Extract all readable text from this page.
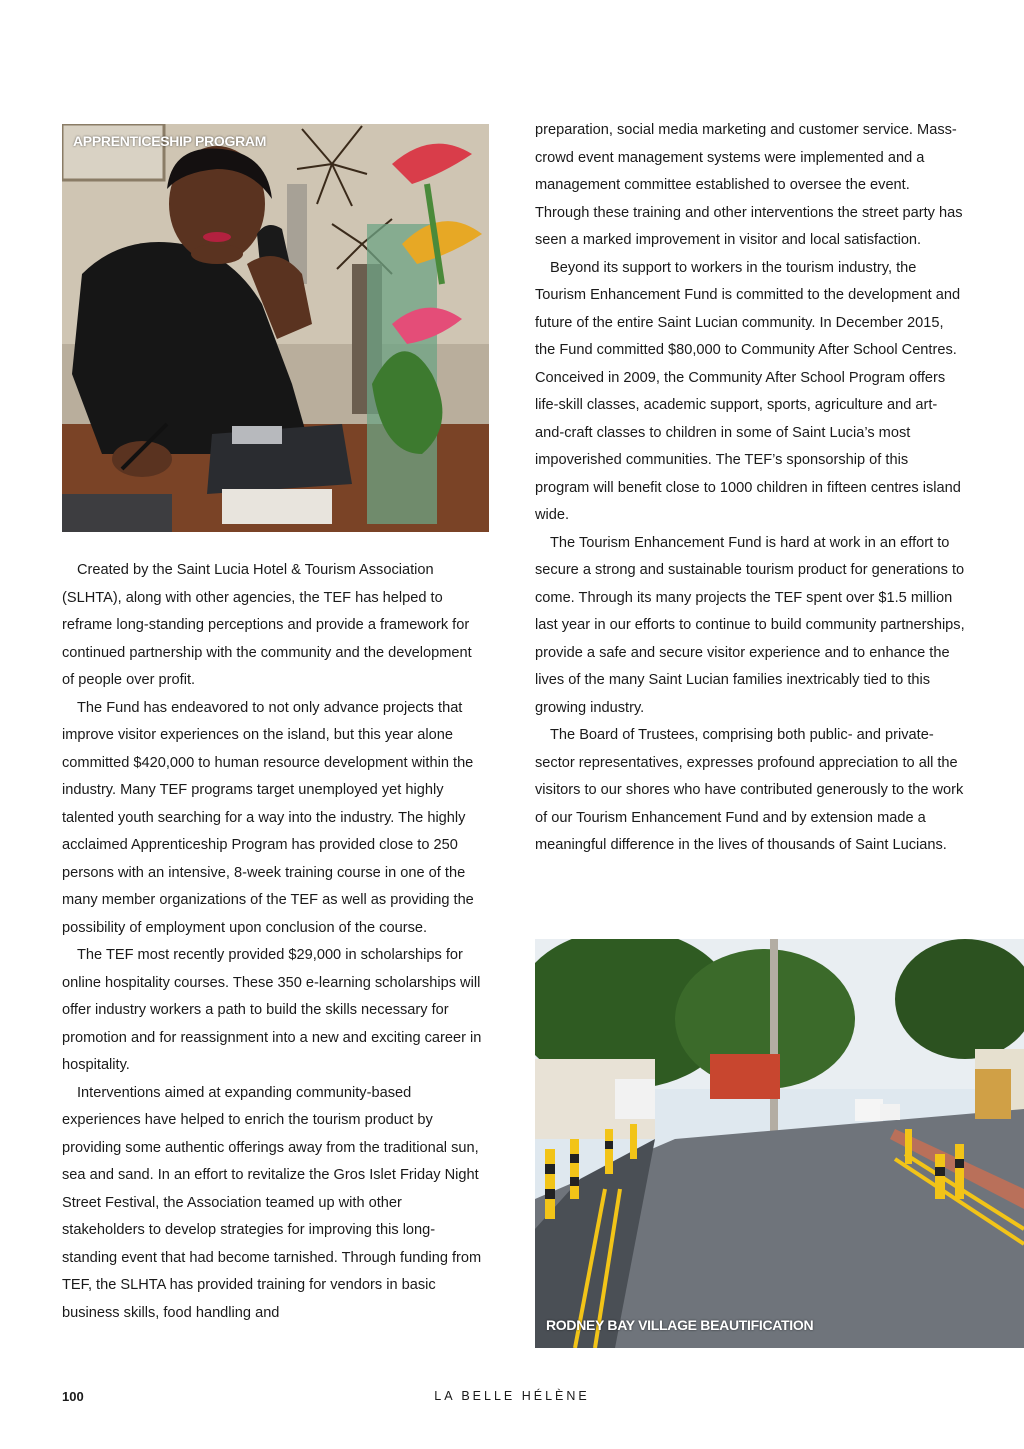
APPRENTICESHIP PROGRAM

Created by the Saint Lucia Hotel & Tourism Association (SLHTA), along with other agencies, the TEF has helped to reframe long-standing perceptions and provide a framework for continued partnership with the community and the development of people over profit.

The Fund has endeavored to not only advance projects that improve visitor experiences on the island, but this year alone committed $420,000 to human resource development within the industry. Many TEF programs target unemployed yet highly talented youth searching for a way into the industry. The highly acclaimed Apprenticeship Program has provided close to 250 persons with an intensive, 8-week training course in one of the many member organizations of the TEF as well as providing the possibility of employment upon conclusion of the course.

The TEF most recently provided $29,000 in scholarships for online hospitality courses. These 350 e-learning scholarships will offer industry workers a path to build the skills necessary for promotion and for reassignment into a new and exciting career in hospitality.

Interventions aimed at expanding community-based experiences have helped to enrich the tourism product by providing some authentic offerings away from the traditional sun, sea and sand. In an effort to revitalize the Gros Islet Friday Night Street Festival, the Association teamed up with other stakeholders to develop strategies for improving this long-standing event that had become tarnished. Through funding from TEF, the SLHTA has provided training for vendors in basic business skills, food handling and

preparation, social media marketing and customer service. Mass-crowd event management systems were implemented and a management committee established to oversee the event. Through these training and other interventions the street party has seen a marked improvement in visitor and local satisfaction.

Beyond its support to workers in the tourism industry, the Tourism Enhancement Fund is committed to the development and future of the entire Saint Lucian community. In December 2015, the Fund committed $80,000 to Community After School Centres. Conceived in 2009, the Community After School Program offers life-skill classes, academic support, sports, agriculture and art-and-craft classes to children in some of Saint Lucia’s most impoverished communities. The TEF’s sponsorship of this program will benefit close to 1000 children in fifteen centres island wide.

The Tourism Enhancement Fund is hard at work in an effort to secure a strong and sustainable tourism product for generations to come. Through its many projects the TEF spent over $1.5 million last year in our efforts to continue to build community partnerships, provide a safe and secure visitor experience and to enhance the lives of the many Saint Lucian families inextricably tied to this growing industry.

The Board of Trustees, comprising both public- and private-sector representatives, expresses profound appreciation to all the visitors to our shores who have contributed generously to the work of our Tourism Enhancement Fund and by extension made a meaningful difference in the lives of thousands of Saint Lucians.

RODNEY BAY VILLAGE BEAUTIFICATION
100	LA BELLE HÉLÈNE
